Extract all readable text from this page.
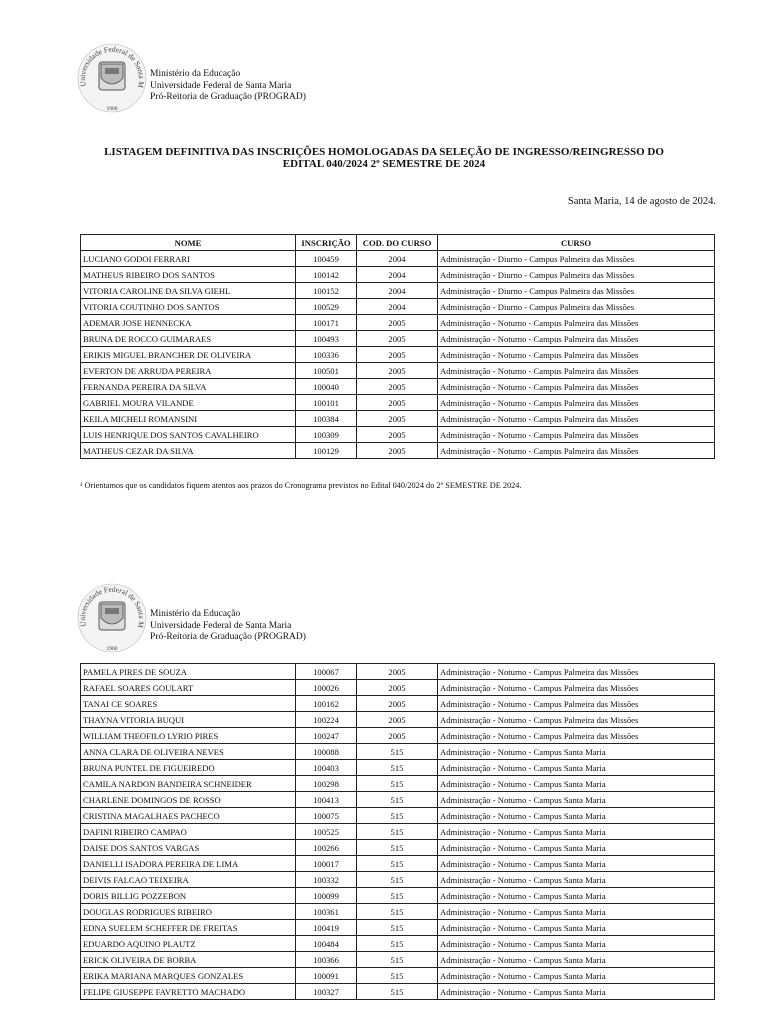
Universidade Federal de Santa M
1960
Ministério da Educação
Universidade Federal de Santa Maria
Pró-Reitoria de Graduação (PROGRAD)
LISTAGEM DEFINITIVA DAS INSCRIÇÕES HOMOLOGADAS DA SELEÇÃO DE INGRESSO/REINGRESSO DO
EDITAL 040/2024 2º SEMESTRE DE 2024
Santa Maria, 14 de agosto de 2024.
NOME	INSCRIÇÃO	COD. DO CURSO	CURSO
LUCIANO GODOI FERRARI	100459	2004	Administração - Diurno - Campus Palmeira das Missões
MATHEUS RIBEIRO DOS SANTOS	100142	2004	Administração - Diurno - Campus Palmeira das Missões
VITORIA CAROLINE DA SILVA GIEHL	100152	2004	Administração - Diurno - Campus Palmeira das Missões
VITORIA COUTINHO DOS SANTOS	100529	2004	Administração - Diurno - Campus Palmeira das Missões
ADEMAR JOSE HENNECKA	100171	2005	Administração - Noturno - Campus Palmeira das Missões
BRUNA DE ROCCO GUIMARAES	100493	2005	Administração - Noturno - Campus Palmeira das Missões
ERIKIS MIGUEL BRANCHER DE OLIVEIRA	100336	2005	Administração - Noturno - Campus Palmeira das Missões
EVERTON DE ARRUDA PEREIRA	100501	2005	Administração - Noturno - Campus Palmeira das Missões
FERNANDA PEREIRA DA SILVA	100040	2005	Administração - Noturno - Campus Palmeira das Missões
GABRIEL MOURA VILANDE	100101	2005	Administração - Noturno - Campus Palmeira das Missões
KEILA MICHELI ROMANSINI	100384	2005	Administração - Noturno - Campus Palmeira das Missões
LUIS HENRIQUE DOS SANTOS CAVALHEIRO	100309	2005	Administração - Noturno - Campus Palmeira das Missões
MATHEUS CEZAR DA SILVA	100129	2005	Administração - Noturno - Campus Palmeira das Missões
¹ Orientamos que os candidatos fiquem atentos aos prazos do Cronograma previstos no Edital 040/2024 do 2º SEMESTRE DE 2024.
Universidade Federal de Santa M
1960
Ministério da Educação
Universidade Federal de Santa Maria
Pró-Reitoria de Graduação (PROGRAD)
PAMELA PIRES DE SOUZA	100067	2005	Administração - Noturno - Campus Palmeira das Missões
RAFAEL SOARES GOULART	100026	2005	Administração - Noturno - Campus Palmeira das Missões
TANAI CE SOARES	100162	2005	Administração - Noturno - Campus Palmeira das Missões
THAYNA VITORIA BUQUI	100224	2005	Administração - Noturno - Campus Palmeira das Missões
WILLIAM THEOFILO LYRIO PIRES	100247	2005	Administração - Noturno - Campus Palmeira das Missões
ANNA CLARA DE OLIVEIRA NEVES	100088	515	Administração - Noturno - Campus Santa Maria
BRUNA PUNTEL DE FIGUEIREDO	100403	515	Administração - Noturno - Campus Santa Maria
CAMILA NARDON BANDEIRA SCHNEIDER	100298	515	Administração - Noturno - Campus Santa Maria
CHARLENE DOMINGOS DE ROSSO	100413	515	Administração - Noturno - Campus Santa Maria
CRISTINA MAGALHAES PACHECO	100075	515	Administração - Noturno - Campus Santa Maria
DAFINI RIBEIRO CAMPAO	100525	515	Administração - Noturno - Campus Santa Maria
DAISE DOS SANTOS VARGAS	100266	515	Administração - Noturno - Campus Santa Maria
DANIELLI ISADORA PEREIRA DE LIMA	100017	515	Administração - Noturno - Campus Santa Maria
DEIVIS FALCAO TEIXEIRA	100332	515	Administração - Noturno - Campus Santa Maria
DORIS BILLIG POZZEBON	100099	515	Administração - Noturno - Campus Santa Maria
DOUGLAS RODRIGUES RIBEIRO	100361	515	Administração - Noturno - Campus Santa Maria
EDNA SUELEM SCHEFFER DE FREITAS	100419	515	Administração - Noturno - Campus Santa Maria
EDUARDO AQUINO PLAUTZ	100484	515	Administração - Noturno - Campus Santa Maria
ERICK OLIVEIRA DE BORBA	100366	515	Administração - Noturno - Campus Santa Maria
ERIKA MARIANA MARQUES GONZALES	100091	515	Administração - Noturno - Campus Santa Maria
FELIPE GIUSEPPE FAVRETTO MACHADO	100327	515	Administração - Noturno - Campus Santa Maria
